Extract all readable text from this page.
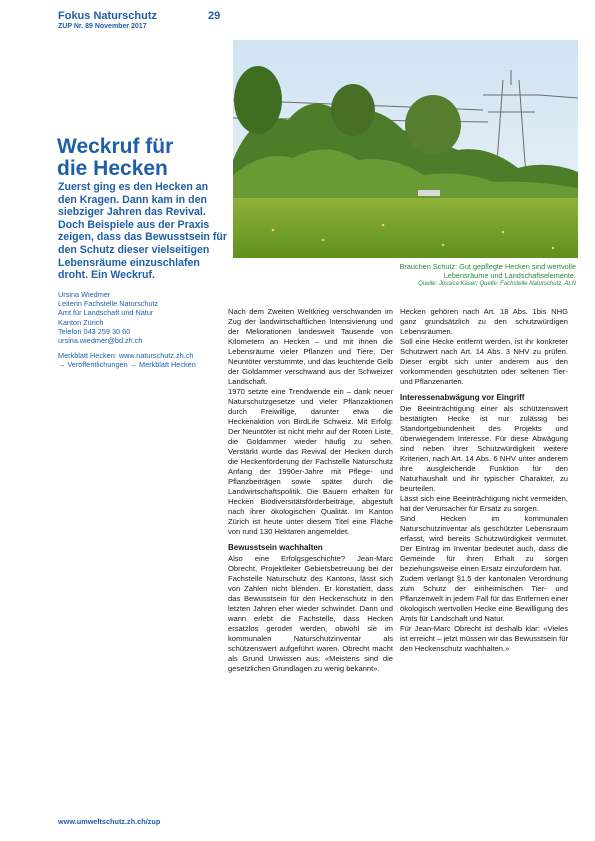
Fokus Naturschutz	29
ZUP Nr. 89 November 2017
Brauchen Schutz: Gut gepflegte Hecken sind wertvolle
Lebensräume und Landschaftselemente.
Quelle: Jessica Käser; Quelle: Fachstelle Naturschutz, ALN
Weckruf für
die Hecken

Zuerst ging es den Hecken an den Kragen. Dann kam in den siebziger Jahren das Revival. Doch Beispiele aus der Praxis zeigen, dass das Bewusstsein für den Schutz dieser vielseitigen Lebensräume einzuschlafen droht. Ein Weckruf.

Ursina Wiedmer
Leiterin Fachstelle Naturschutz
Amt für Landschaft und Natur
Kanton Zürich
Telefon 043 259 30 60
ursina.wiedmer@bd.zh.ch
Merkblatt Hecken: www.naturschutz.zh.ch
→ Veröffentlichungen → Merkblatt Hecken

Nach dem Zweiten Weltkrieg verschwanden im Zug der landwirtschaftlichen Intensivierung und der Meliorationen landesweit Tausende von Kilometern an Hecken – und mit ihnen die Lebensräume vieler Pflanzen und Tiere. Der Neuntöter verstummte, und das leuchtende Gelb der Goldammer verschwand aus der Schweizer Landschaft.

1970 setzte eine Trendwende ein – dank neuer Naturschutzgesetze und vieler Pflanzaktionen durch Freiwillige, darunter etwa die Heckenaktion von BirdLife Schweiz. Mit Erfolg: Der Neuntöter ist nicht mehr auf der Roten Liste, die Goldammer wieder häufig zu sehen. Verstärkt wurde das Revival der Hecken durch die Heckenförderung der Fachstelle Naturschutz Anfang der 1990er-Jahre mit Pflege- und Pflanzbeiträgen sowie später durch die Landwirtschaftspolitik. Die Bauern erhalten für Hecken Biodiversitätsförderbeiträge, abgestuft nach ihrer ökologischen Qualität. Im Kanton Zürich ist heute unter diesem Titel eine Fläche von rund 130 Hektaren angemeldet.

Bewusstsein wachhalten

Also eine Erfolgsgeschichte? Jean-Marc Obrecht, Projektleiter Gebietsbetreuung bei der Fachstelle Naturschutz des Kantons, lässt sich von Zahlen nicht blenden. Er konstatiert, dass das Bewusstsein für den Heckenschutz in den letzten Jahren eher wieder schwindet. Dann und wann erlebt die Fachstelle, dass Hecken ersatzlos gerodet werden, obwohl sie im kommunalen Naturschutzinventar als schützenswert aufgeführt waren. Obrecht macht als Grund Unwissen aus: «Meistens sind die gesetzlichen Grundlagen zu wenig bekannt».

Hecken gehören nach Art. 18 Abs. 1bis NHG ganz grundsätzlich zu den schutzwürdigen Lebensräumen.

Soll eine Hecke entfernt werden, ist ihr konkreter Schutzwert nach Art. 14 Abs. 3 NHV zu prüfen. Dieser ergibt sich unter anderem aus den vorkommenden geschützten oder seltenen Tier- und Pflanzenarten.

Interessenabwägung vor Eingriff

Die Beeinträchtigung einer als schützenswert bestätigten Hecke ist nur zulässig bei Standortgebundenheit des Projekts und überwiegendem Interesse. Für diese Abwägung sind neben ihrer Schutzwürdigkeit weitere Kriterien, nach Art. 14 Abs. 6 NHV unter anderem ihre ausgleichende Funktion für den Naturhaushalt und ihr typischer Charakter, zu beurteilen.

Lässt sich eine Beeinträchtigung nicht vermeiden, hat der Verursacher für Ersatz zu sorgen.

Sind Hecken im kommunalen Naturschutzinventar als geschützter Lebensraum erfasst, wird bereits Schutzwürdigkeit vermutet. Der Eintrag im Inventar bedeutet auch, dass die Gemeinde für ihren Erhalt zu sorgen beziehungsweise einen Ersatz einzufordern hat.

Zudem verlangt §1.5 der kantonalen Verordnung zum Schutz der einheimischen Tier- und Pflanzenwelt in jedem Fall für das Entfernen einer ökologisch wertvollen Hecke eine Bewilligung des Amts für Landschaft und Natur.

Für Jean-Marc Obrecht ist deshalb klar: «Vieles ist erreicht – jetzt müssen wir das Bewusstsein für den Heckenschutz wachhalten.»

www.umweltschutz.zh.ch/zup
